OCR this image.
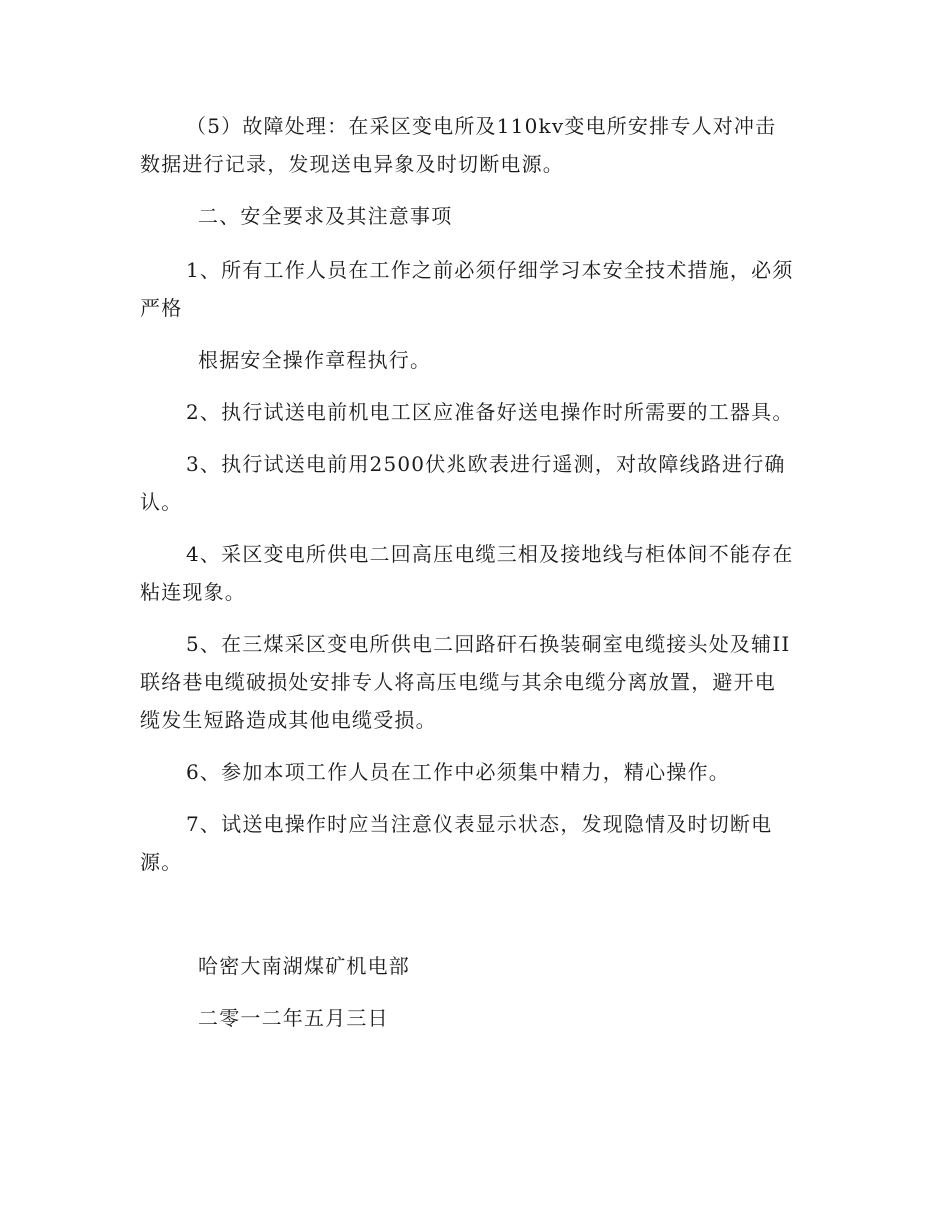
（5）故障处理：在采区变电所及110kv变电所安排专人对冲击
数据进行记录，发现送电异象及时切断电源。
二、安全要求及其注意事项
1、所有工作人员在工作之前必须仔细学习本安全技术措施，必须
严格
根据安全操作章程执行。
2、执行试送电前机电工区应准备好送电操作时所需要的工器具。
3、执行试送电前用2500伏兆欧表进行遥测，对故障线路进行确
认。
4、采区变电所供电二回高压电缆三相及接地线与柜体间不能存在
粘连现象。
5、在三煤采区变电所供电二回路矸石换装硐室电缆接头处及辅II
联络巷电缆破损处安排专人将高压电缆与其余电缆分离放置，避开电
缆发生短路造成其他电缆受损。
6、参加本项工作人员在工作中必须集中精力，精心操作。
7、试送电操作时应当注意仪表显示状态，发现隐情及时切断电
源。
哈密大南湖煤矿机电部
二零一二年五月三日
